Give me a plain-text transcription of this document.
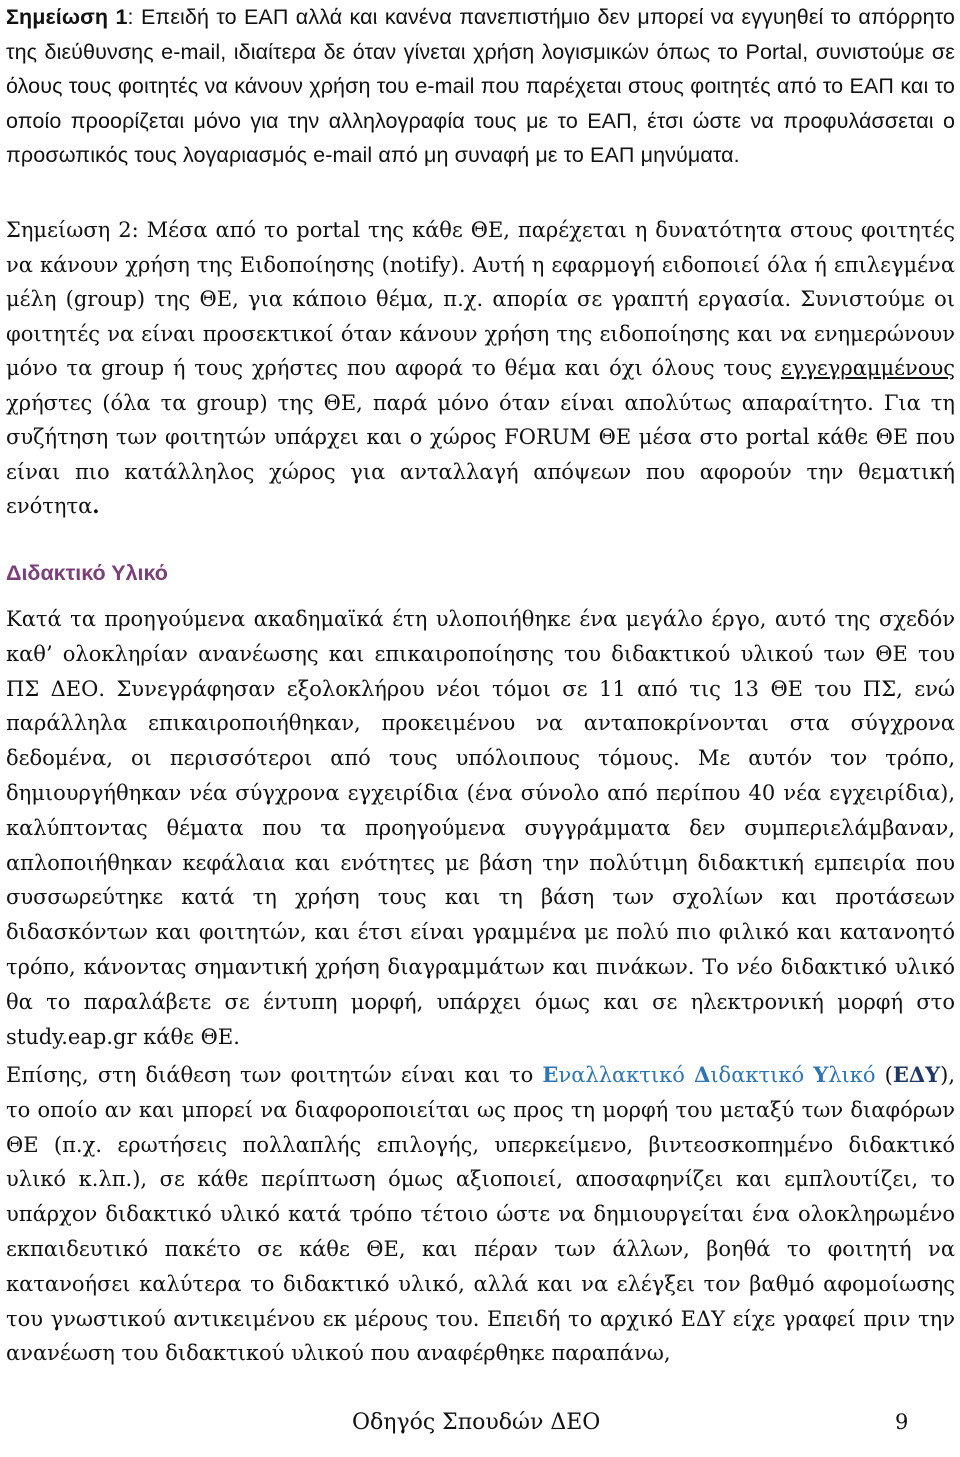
Σημείωση 1: Επειδή το ΕΑΠ αλλά και κανένα πανεπιστήμιο δεν μπορεί να εγγυηθεί το απόρρητο της διεύθυνσης e-mail, ιδιαίτερα δε όταν γίνεται χρήση λογισμικών όπως το Portal, συνιστούμε σε όλους τους φοιτητές να κάνουν χρήση του e-mail που παρέχεται στους φοιτητές από το ΕΑΠ και το οποίο προορίζεται μόνο για την αλληλογραφία τους με το ΕΑΠ, έτσι ώστε να προφυλάσσεται ο προσωπικός τους λογαριασμός e-mail από μη συναφή με το ΕΑΠ μηνύματα.

Σημείωση 2: Μέσα από το portal της κάθε ΘΕ, παρέχεται η δυνατότητα στους φοιτητές να κάνουν χρήση της Ειδοποίησης (notify). Αυτή η εφαρμογή ειδοποιεί όλα ή επιλεγμένα μέλη (group) της ΘΕ, για κάποιο θέμα, π.χ. απορία σε γραπτή εργασία. Συνιστούμε οι φοιτητές να είναι προσεκτικοί όταν κάνουν χρήση της ειδοποίησης και να ενημερώνουν μόνο τα group ή τους χρήστες που αφορά το θέμα και όχι όλους τους εγγεγραμμένους χρήστες (όλα τα group) της ΘΕ, παρά μόνο όταν είναι απολύτως απαραίτητο. Για τη συζήτηση των φοιτητών υπάρχει και ο χώρος FORUM ΘΕ μέσα στο portal κάθε ΘΕ που είναι πιο κατάλληλος χώρος για ανταλλαγή απόψεων που αφορούν την θεματική ενότητα.

Διδακτικό Υλικό

Κατά τα προηγούμενα ακαδημαϊκά έτη υλοποιήθηκε ένα μεγάλο έργο, αυτό της σχεδόν καθ’ ολοκληρίαν ανανέωσης και επικαιροποίησης του διδακτικού υλικού των ΘΕ του ΠΣ ΔΕΟ. Συνεγράφησαν εξολοκλήρου νέοι τόμοι σε 11 από τις 13 ΘΕ του ΠΣ, ενώ παράλληλα επικαιροποιήθηκαν, προκειμένου να ανταποκρίνονται στα σύγχρονα δεδομένα, οι περισσότεροι από τους υπόλοιπους τόμους. Με αυτόν τον τρόπο, δημιουργήθηκαν νέα σύγχρονα εγχειρίδια (ένα σύνολο από περίπου 40 νέα εγχειρίδια), καλύπτοντας θέματα που τα προηγούμενα συγγράμματα δεν συμπεριελάμβαναν, απλοποιήθηκαν κεφάλαια και ενότητες με βάση την πολύτιμη διδακτική εμπειρία που συσσωρεύτηκε κατά τη χρήση τους και τη βάση των σχολίων και προτάσεων διδασκόντων και φοιτητών, και έτσι είναι γραμμένα με πολύ πιο φιλικό και κατανοητό τρόπο, κάνοντας σημαντική χρήση διαγραμμάτων και πινάκων. Το νέο διδακτικό υλικό θα το παραλάβετε σε έντυπη μορφή, υπάρχει όμως και σε ηλεκτρονική μορφή στο study.eap.gr κάθε ΘΕ.

Επίσης, στη διάθεση των φοιτητών είναι και το Εναλλακτικό Διδακτικό Υλικό (ΕΔΥ), το οποίο αν και μπορεί να διαφοροποιείται ως προς τη μορφή του μεταξύ των διαφόρων ΘΕ (π.χ. ερωτήσεις πολλαπλής επιλογής, υπερκείμενο, βιντεοσκοπημένο διδακτικό υλικό κ.λπ.), σε κάθε περίπτωση όμως αξιοποιεί, αποσαφηνίζει και εμπλουτίζει, το υπάρχον διδακτικό υλικό κατά τρόπο τέτοιο ώστε να δημιουργείται ένα ολοκληρωμένο εκπαιδευτικό πακέτο σε κάθε ΘΕ, και πέραν των άλλων, βοηθά το φοιτητή να κατανοήσει καλύτερα το διδακτικό υλικό, αλλά και να ελέγξει τον βαθμό αφομοίωσης του γνωστικού αντικειμένου εκ μέρους του. Επειδή το αρχικό ΕΔΥ είχε γραφεί πριν την ανανέωση του διδακτικού υλικού που αναφέρθηκε παραπάνω,

Οδηγός Σπουδών ΔΕΟ	9
